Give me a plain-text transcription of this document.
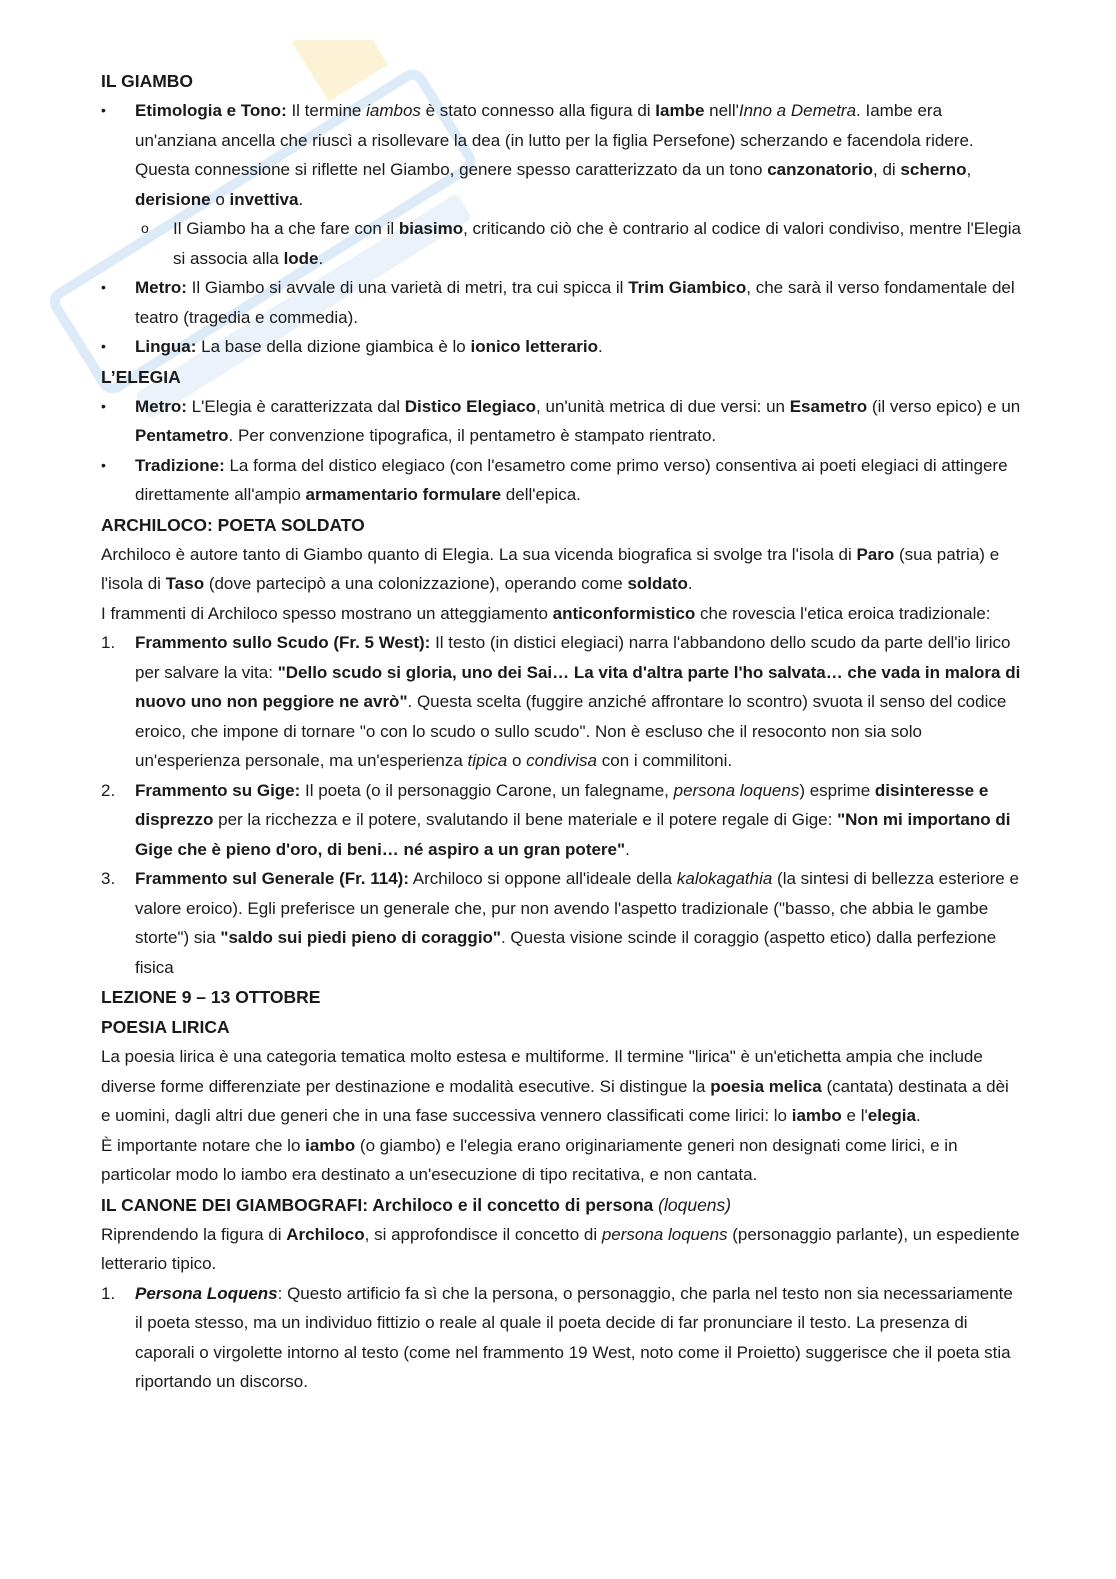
IL GIAMBO
•	Etimologia e Tono: Il termine iambos è stato connesso alla figura di Iambe nell'Inno a Demetra. Iambe era un'anziana ancella che riuscì a risollevare la dea (in lutto per la figlia Persefone) scherzando e facendola ridere. Questa connessione si riflette nel Giambo, genere spesso caratterizzato da un tono canzonatorio, di scherno, derisione o invettiva.
o	Il Giambo ha a che fare con il biasimo, criticando ciò che è contrario al codice di valori condiviso, mentre l'Elegia si associa alla lode.
•	Metro: Il Giambo si avvale di una varietà di metri, tra cui spicca il Trim Giambico, che sarà il verso fondamentale del teatro (tragedia e commedia).
•	Lingua: La base della dizione giambica è lo ionico letterario.
L’ELEGIA
•	Metro: L'Elegia è caratterizzata dal Distico Elegiaco, un'unità metrica di due versi: un Esametro (il verso epico) e un Pentametro. Per convenzione tipografica, il pentametro è stampato rientrato.
•	Tradizione: La forma del distico elegiaco (con l'esametro come primo verso) consentiva ai poeti elegiaci di attingere direttamente all'ampio armamentario formulare dell'epica.
ARCHILOCO: POETA SOLDATO

Archiloco è autore tanto di Giambo quanto di Elegia. La sua vicenda biografica si svolge tra l'isola di Paro (sua patria) e l'isola di Taso (dove partecipò a una colonizzazione), operando come soldato.

I frammenti di Archiloco spesso mostrano un atteggiamento anticonformistico che rovescia l'etica eroica tradizionale:

1.	Frammento sullo Scudo (Fr. 5 West): Il testo (in distici elegiaci) narra l'abbandono dello scudo da parte dell'io lirico per salvare la vita: "Dello scudo si gloria, uno dei Sai… La vita d'altra parte l'ho salvata… che vada in malora di nuovo uno non peggiore ne avrò". Questa scelta (fuggire anziché affrontare lo scontro) svuota il senso del codice eroico, che impone di tornare "o con lo scudo o sullo scudo". Non è escluso che il resoconto non sia solo un'esperienza personale, ma un'esperienza tipica o condivisa con i commilitoni.
2.	Frammento su Gige: Il poeta (o il personaggio Carone, un falegname, persona loquens) esprime disinteresse e disprezzo per la ricchezza e il potere, svalutando il bene materiale e il potere regale di Gige: "Non mi importano di Gige che è pieno d'oro, di beni… né aspiro a un gran potere".
3.	Frammento sul Generale (Fr. 114): Archiloco si oppone all'ideale della kalokagathia (la sintesi di bellezza esteriore e valore eroico). Egli preferisce un generale che, pur non avendo l'aspetto tradizionale ("basso, che abbia le gambe storte") sia "saldo sui piedi pieno di coraggio". Questa visione scinde il coraggio (aspetto etico) dalla perfezione fisica
LEZIONE 9 – 13 OTTOBRE
POESIA LIRICA

La poesia lirica è una categoria tematica molto estesa e multiforme. Il termine "lirica" è un'etichetta ampia che include diverse forme differenziate per destinazione e modalità esecutive. Si distingue la poesia melica (cantata) destinata a dèi e uomini, dagli altri due generi che in una fase successiva vennero classificati come lirici: lo iambo e l'elegia.

È importante notare che lo iambo (o giambo) e l'elegia erano originariamente generi non designati come lirici, e in particolar modo lo iambo era destinato a un'esecuzione di tipo recitativa, e non cantata.

IL CANONE DEI GIAMBOGRAFI: Archiloco e il concetto di persona (loquens)

Riprendendo la figura di Archiloco, si approfondisce il concetto di persona loquens (personaggio parlante), un espediente letterario tipico.

1.	Persona Loquens: Questo artificio fa sì che la persona, o personaggio, che parla nel testo non sia necessariamente il poeta stesso, ma un individuo fittizio o reale al quale il poeta decide di far pronunciare il testo. La presenza di caporali o virgolette intorno al testo (come nel frammento 19 West, noto come il Proietto) suggerisce che il poeta stia riportando un discorso.
